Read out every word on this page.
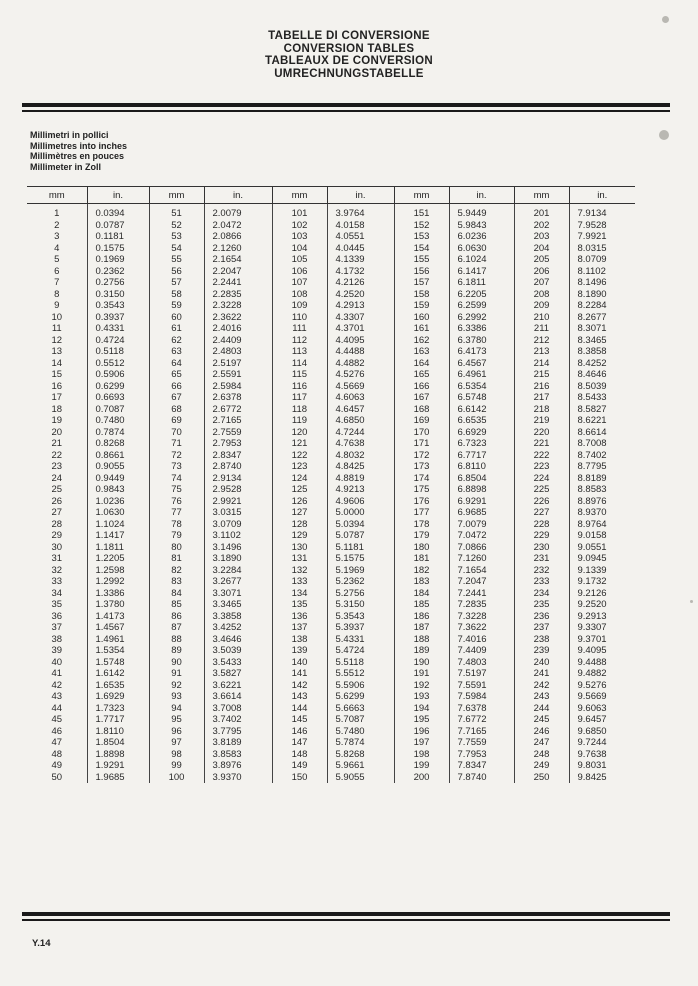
TABELLE DI CONVERSIONE
CONVERSION TABLES
TABLEAUX DE CONVERSION
UMRECHNUNGSTABELLE
Millimetri in pollici
Millimetres into inches
Millimètres en pouces
Millimeter in Zoll
mm	in.	mm	in.	mm	in.	mm	in.	mm	in.
1	0.0394	51	2.0079	101	3.9764	151	5.9449	201	7.9134
2	0.0787	52	2.0472	102	4.0158	152	5.9843	202	7.9528
3	0.1181	53	2.0866	103	4.0551	153	6.0236	203	7.9921
4	0.1575	54	2.1260	104	4.0445	154	6.0630	204	8.0315
5	0.1969	55	2.1654	105	4.1339	155	6.1024	205	8.0709
6	0.2362	56	2.2047	106	4.1732	156	6.1417	206	8.1102
7	0.2756	57	2.2441	107	4.2126	157	6.1811	207	8.1496
8	0.3150	58	2.2835	108	4.2520	158	6.2205	208	8.1890
9	0.3543	59	2.3228	109	4.2913	159	6.2599	209	8.2284
10	0.3937	60	2.3622	110	4.3307	160	6.2992	210	8.2677
11	0.4331	61	2.4016	111	4.3701	161	6.3386	211	8.3071
12	0.4724	62	2.4409	112	4.4095	162	6.3780	212	8.3465
13	0.5118	63	2.4803	113	4.4488	163	6.4173	213	8.3858
14	0.5512	64	2.5197	114	4.4882	164	6.4567	214	8.4252
15	0.5906	65	2.5591	115	4.5276	165	6.4961	215	8.4646
16	0.6299	66	2.5984	116	4.5669	166	6.5354	216	8.5039
17	0.6693	67	2.6378	117	4.6063	167	6.5748	217	8.5433
18	0.7087	68	2.6772	118	4.6457	168	6.6142	218	8.5827
19	0.7480	69	2.7165	119	4.6850	169	6.6535	219	8.6221
20	0.7874	70	2.7559	120	4.7244	170	6.6929	220	8.6614
21	0.8268	71	2.7953	121	4.7638	171	6.7323	221	8.7008
22	0.8661	72	2.8347	122	4.8032	172	6.7717	222	8.7402
23	0.9055	73	2.8740	123	4.8425	173	6.8110	223	8.7795
24	0.9449	74	2.9134	124	4.8819	174	6.8504	224	8.8189
25	0.9843	75	2.9528	125	4.9213	175	6.8898	225	8.8583
26	1.0236	76	2.9921	126	4.9606	176	6.9291	226	8.8976
27	1.0630	77	3.0315	127	5.0000	177	6.9685	227	8.9370
28	1.1024	78	3.0709	128	5.0394	178	7.0079	228	8.9764
29	1.1417	79	3.1102	129	5.0787	179	7.0472	229	9.0158
30	1.1811	80	3.1496	130	5.1181	180	7.0866	230	9.0551
31	1.2205	81	3.1890	131	5.1575	181	7.1260	231	9.0945
32	1.2598	82	3.2284	132	5.1969	182	7.1654	232	9.1339
33	1.2992	83	3.2677	133	5.2362	183	7.2047	233	9.1732
34	1.3386	84	3.3071	134	5.2756	184	7.2441	234	9.2126
35	1.3780	85	3.3465	135	5.3150	185	7.2835	235	9.2520
36	1.4173	86	3.3858	136	5.3543	186	7.3228	236	9.2913
37	1.4567	87	3.4252	137	5.3937	187	7.3622	237	9.3307
38	1.4961	88	3.4646	138	5.4331	188	7.4016	238	9.3701
39	1.5354	89	3.5039	139	5.4724	189	7.4409	239	9.4095
40	1.5748	90	3.5433	140	5.5118	190	7.4803	240	9.4488
41	1.6142	91	3.5827	141	5.5512	191	7.5197	241	9.4882
42	1.6535	92	3.6221	142	5.5906	192	7.5591	242	9.5276
43	1.6929	93	3.6614	143	5.6299	193	7.5984	243	9.5669
44	1.7323	94	3.7008	144	5.6663	194	7.6378	244	9.6063
45	1.7717	95	3.7402	145	5.7087	195	7.6772	245	9.6457
46	1.8110	96	3.7795	146	5.7480	196	7.7165	246	9.6850
47	1.8504	97	3.8189	147	5.7874	197	7.7559	247	9.7244
48	1.8898	98	3.8583	148	5.8268	198	7.7953	248	9.7638
49	1.9291	99	3.8976	149	5.9661	199	7.8347	249	9.8031
50	1.9685	100	3.9370	150	5.9055	200	7.8740	250	9.8425
Y.14
